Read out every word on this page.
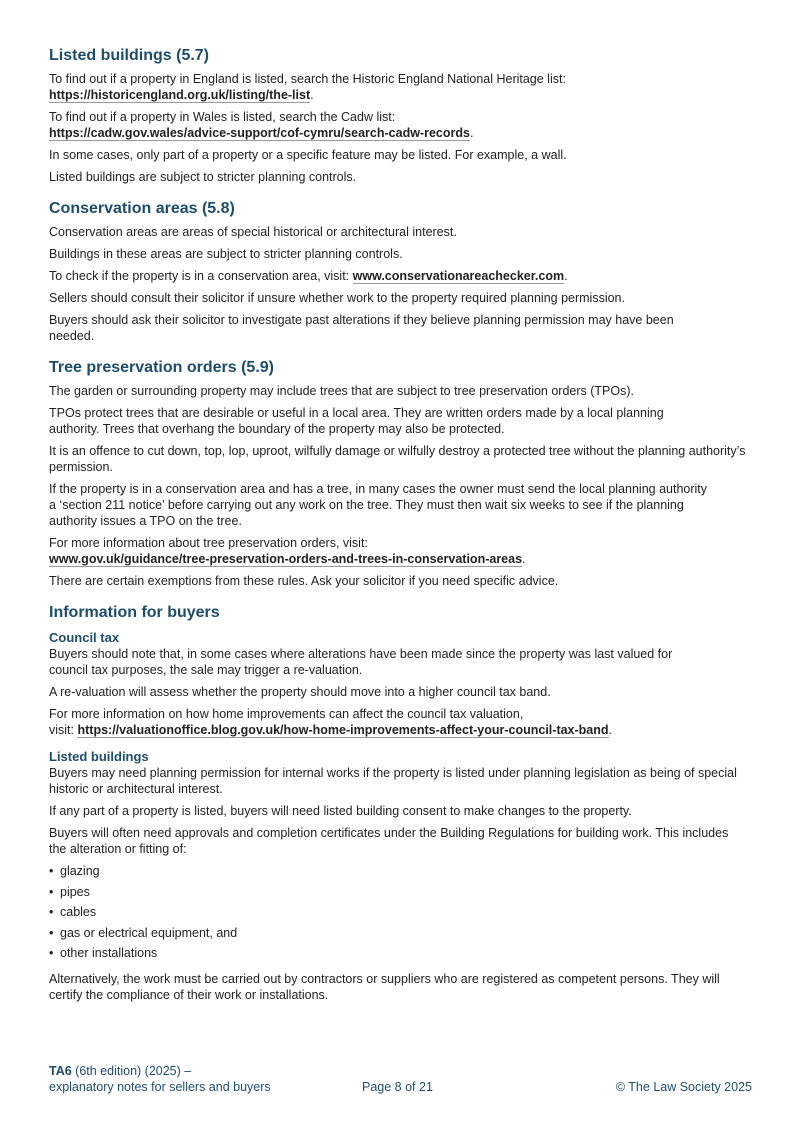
Listed buildings (5.7)

To find out if a property in England is listed, search the Historic England National Heritage list:
https://historicengland.org.uk/listing/the-list.

To find out if a property in Wales is listed, search the Cadw list:
https://cadw.gov.wales/advice-support/cof-cymru/search-cadw-records.

In some cases, only part of a property or a specific feature may be listed. For example, a wall.

Listed buildings are subject to stricter planning controls.

Conservation areas (5.8)

Conservation areas are areas of special historical or architectural interest.

Buildings in these areas are subject to stricter planning controls.

To check if the property is in a conservation area, visit: www.conservationareachecker.com.

Sellers should consult their solicitor if unsure whether work to the property required planning permission.

Buyers should ask their solicitor to investigate past alterations if they believe planning permission may have been needed.

Tree preservation orders (5.9)

The garden or surrounding property may include trees that are subject to tree preservation orders (TPOs).

TPOs protect trees that are desirable or useful in a local area. They are written orders made by a local planning authority. Trees that overhang the boundary of the property may also be protected.

It is an offence to cut down, top, lop, uproot, wilfully damage or wilfully destroy a protected tree without the planning authority’s permission.

If the property is in a conservation area and has a tree, in many cases the owner must send the local planning authority a ‘section 211 notice’ before carrying out any work on the tree. They must then wait six weeks to see if the planning authority issues a TPO on the tree.

For more information about tree preservation orders, visit:
www.gov.uk/guidance/tree-preservation-orders-and-trees-in-conservation-areas.

There are certain exemptions from these rules. Ask your solicitor if you need specific advice.

Information for buyers
Council tax

Buyers should note that, in some cases where alterations have been made since the property was last valued for council tax purposes, the sale may trigger a re-valuation.

A re-valuation will assess whether the property should move into a higher council tax band.

For more information on how home improvements can affect the council tax valuation,
visit: https://valuationoffice.blog.gov.uk/how-home-improvements-affect-your-council-tax-band.

Listed buildings

Buyers may need planning permission for internal works if the property is listed under planning legislation as being of special historic or architectural interest.

If any part of a property is listed, buyers will need listed building consent to make changes to the property.

Buyers will often need approvals and completion certificates under the Building Regulations for building work. This includes the alteration or fitting of:

• glazing
• pipes
• cables
• gas or electrical equipment, and
• other installations

Alternatively, the work must be carried out by contractors or suppliers who are registered as competent persons. They will certify the compliance of their work or installations.

TA6 (6th edition) (2025) –
explanatory notes for sellers and buyers	Page 8 of 21	© The Law Society 2025
